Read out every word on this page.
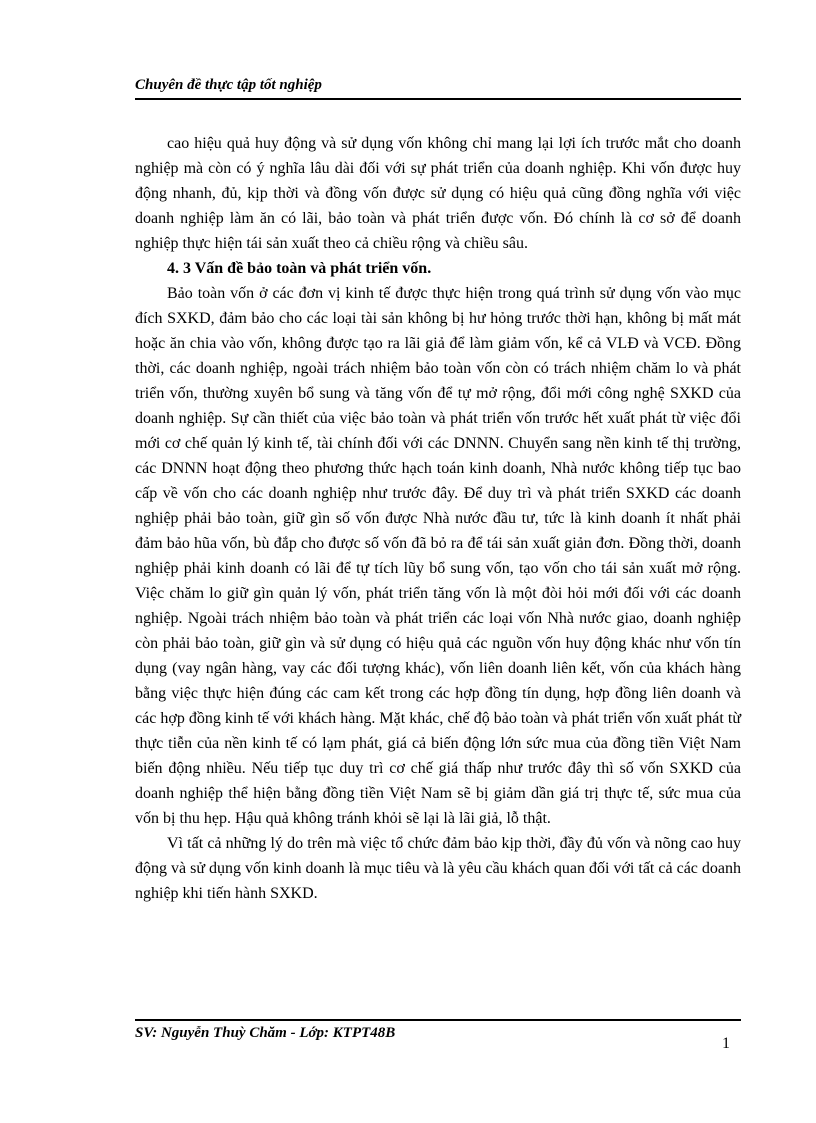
Chuyên đề thực tập tốt nghiệp

cao hiệu quả huy động và sử dụng vốn không chỉ mang lại lợi ích trước mắt cho doanh nghiệp mà còn có ý nghĩa lâu dài đối với sự phát triển của doanh nghiệp. Khi vốn được huy động nhanh, đủ, kịp thời và đồng vốn được sử dụng có hiệu quả cũng đồng nghĩa với việc doanh nghiệp làm ăn có lãi, bảo toàn và phát triển được vốn. Đó chính là cơ sở để doanh nghiệp thực hiện tái sản xuất theo cả chiều rộng và chiều sâu.

4. 3 Vấn đề bảo toàn và phát triển vốn.

Bảo toàn vốn ở các đơn vị kinh tế được thực hiện trong quá trình sử dụng vốn vào mục đích SXKD, đảm bảo cho các loại tài sản không bị hư hỏng trước thời hạn, không bị mất mát hoặc ăn chia vào vốn, không được tạo ra lãi giả để làm giảm vốn, kể cả VLĐ và VCĐ. Đồng thời, các doanh nghiệp, ngoài trách nhiệm bảo toàn vốn còn có trách nhiệm chăm lo và phát triển vốn, thường xuyên bổ sung và tăng vốn để tự mở rộng, đổi mới công nghệ SXKD của doanh nghiệp. Sự cần thiết của việc bảo toàn và phát triển vốn trước hết xuất phát từ việc đổi mới cơ chế quản lý kinh tế, tài chính đối với các DNNN. Chuyển sang nền kinh tế thị trường, các DNNN hoạt động theo phương thức hạch toán kinh doanh, Nhà nước không tiếp tục bao cấp về vốn cho các doanh nghiệp như trước đây. Để duy trì và phát triển SXKD các doanh nghiệp phải bảo toàn, giữ gìn số vốn được Nhà nước đầu tư, tức là kinh doanh ít nhất phải đảm bảo hũa vốn, bù đắp cho được số vốn đã bỏ ra để tái sản xuất giản đơn. Đồng thời, doanh nghiệp phải kinh doanh có lãi để tự tích lũy bổ sung vốn, tạo vốn cho tái sản xuất mở rộng. Việc chăm lo giữ gìn quản lý vốn, phát triển tăng vốn là một đòi hỏi mới đối với các doanh nghiệp. Ngoài trách nhiệm bảo toàn và phát triển các loại vốn Nhà nước giao, doanh nghiệp còn phải bảo toàn, giữ gìn và sử dụng có hiệu quả các nguồn vốn huy động khác như vốn tín dụng (vay ngân hàng, vay các đối tượng khác), vốn liên doanh liên kết, vốn của khách hàng bằng việc thực hiện đúng các cam kết trong các hợp đồng tín dụng, hợp đồng liên doanh và các hợp đồng kinh tế với khách hàng. Mặt khác, chế độ bảo toàn và phát triển vốn xuất phát từ thực tiễn của nền kinh tế có lạm phát, giá cả biến động lớn sức mua của đồng tiền Việt Nam biến động nhiều. Nếu tiếp tục duy trì cơ chế giá thấp như trước đây thì số vốn SXKD của doanh nghiệp thể hiện bằng đồng tiền Việt Nam sẽ bị giảm dần giá trị thực tế, sức mua của vốn bị thu hẹp. Hậu quả không tránh khỏi sẽ lại là lãi giả, lỗ thật.

Vì tất cả những lý do trên mà việc tổ chức đảm bảo kịp thời, đầy đủ vốn và nõng cao huy động và sử dụng vốn kinh doanh là mục tiêu và là yêu cầu khách quan đối với tất cả các doanh nghiệp khi tiến hành SXKD.

SV: Nguyễn Thuỳ Chăm - Lớp: KTPT48B
1
